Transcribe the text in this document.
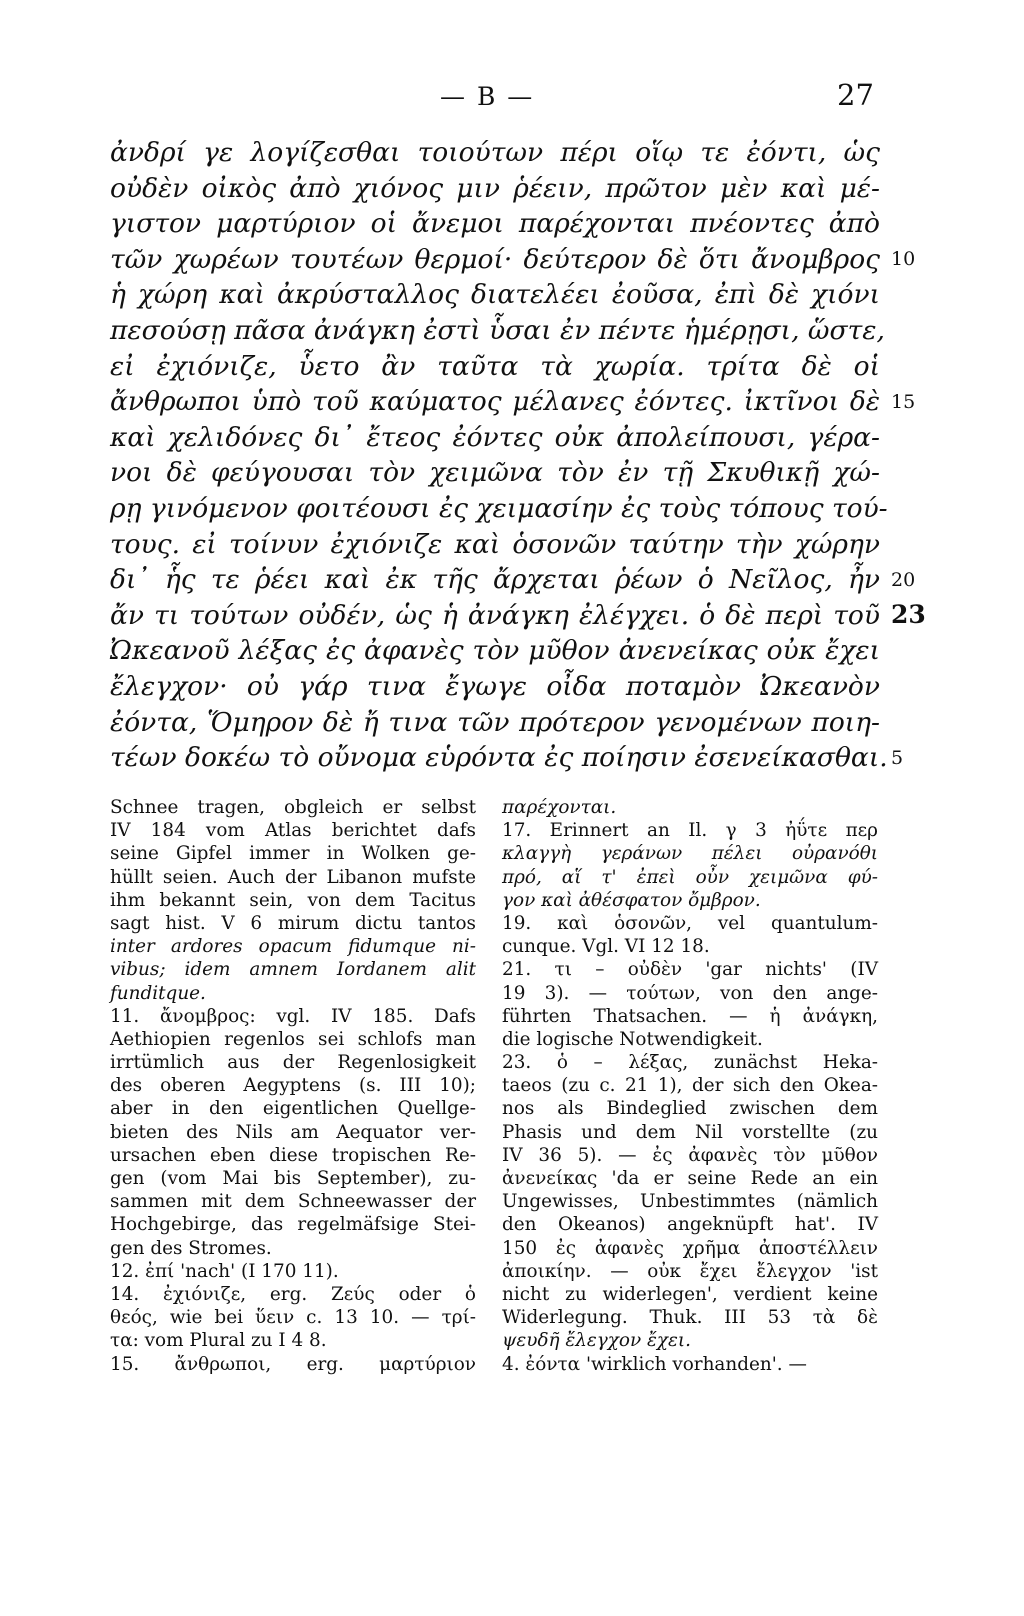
— B —	27
ἀνδρί γε λογίζεσθαι τοιούτων πέρι οἵῳ τε ἐόντι, ὡς
οὐδὲν οἰκὸς ἀπὸ χιόνος μιν ῥέειν, πρῶτον μὲν καὶ μέ-
γιστον μαρτύριον οἱ ἄνεμοι παρέχονται πνέοντες ἀπὸ
τῶν χωρέων τουτέων θερμοί· δεύτερον δὲ ὅτι ἄνομβρος
ἡ χώρη καὶ ἀκρύσταλλος διατελέει ἐοῦσα, ἐπὶ δὲ χιόνι
πεσούσῃ πᾶσα ἀνάγκη ἐστὶ ὗσαι ἐν πέντε ἡμέρῃσι, ὥστε,
εἰ ἐχιόνιζε, ὗετο ἂν ταῦτα τὰ χωρία. τρίτα δὲ οἱ
ἄνθρωποι ὑπὸ τοῦ καύματος μέλανες ἐόντες. ἰκτῖνοι δὲ
καὶ χελιδόνες δι᾽ ἔτεος ἐόντες οὐκ ἀπολείπουσι, γέρα-
νοι δὲ φεύγουσαι τὸν χειμῶνα τὸν ἐν τῇ Σκυθικῇ χώ-
ρῃ γινόμενον φοιτέουσι ἐς χειμασίην ἐς τοὺς τόπους τού-
τους. εἰ τοίνυν ἐχιόνιζε καὶ ὁσονῶν ταύτην τὴν χώρην
δι᾽ ἧς τε ῥέει καὶ ἐκ τῆς ἄρχεται ῥέων ὁ Νεῖλος, ἦν
ἄν τι τούτων οὐδέν, ὡς ἡ ἀνάγκη ἐλέγχει. ὁ δὲ περὶ τοῦ
Ὠκεανοῦ λέξας ἐς ἀφανὲς τὸν μῦθον ἀνενείκας οὐκ ἔχει
ἔλεγχον· οὐ γάρ τινα ἔγωγε οἶδα ποταμὸν Ὠκεανὸν
ἐόντα, Ὅμηρον δὲ ἤ τινα τῶν πρότερον γενομένων ποιη-
τέων δοκέω τὸ οὔνομα εὑρόντα ἐς ποίησιν ἐσενείκασθαι.
10
15
20
23
5
Schnee tragen, obgleich er selbst
IV 184 vom Atlas berichtet dafs
seine Gipfel immer in Wolken ge-
hüllt seien. Auch der Libanon mufste
ihm bekannt sein, von dem Tacitus
sagt hist. V 6 mirum dictu tantos
inter ardores opacum fidumque ni-
vibus; idem amnem Iordanem alit
funditque.
11. ἄνομβρος: vgl. IV 185. Dafs
Aethiopien regenlos sei schlofs man
irrtümlich aus der Regenlosigkeit
des oberen Aegyptens (s. III 10);
aber in den eigentlichen Quellge-
bieten des Nils am Aequator ver-
ursachen eben diese tropischen Re-
gen (vom Mai bis September), zu-
sammen mit dem Schneewasser der
Hochgebirge, das regelmäfsige Stei-
gen des Stromes.
12. ἐπί 'nach' (I 170 11).
14. ἐχιόνιζε, erg. Ζεύς oder ὁ
θεός, wie bei ὕειν c. 13 10. — τρί-
τα: vom Plural zu I 4 8.
15. ἄνθρωποι, erg. μαρτύριον
παρέχονται.
17. Erinnert an Il. γ 3 ἠΰτε περ
κλαγγὴ γεράνων πέλει οὐρανόθι
πρό, αἵ τ' ἐπεὶ οὖν χειμῶνα φύ-
γον καὶ ἀθέσφατον ὄμβρον.
19. καὶ ὁσονῶν, vel quantulum-
cunque. Vgl. VI 12 18.
21. τι – οὐδὲν 'gar nichts' (IV
19 3). — τούτων, von den ange-
führten Thatsachen. — ἡ ἀνάγκη,
die logische Notwendigkeit.
23. ὁ – λέξας, zunächst Heka-
taeos (zu c. 21 1), der sich den Okea-
nos als Bindeglied zwischen dem
Phasis und dem Nil vorstellte (zu
IV 36 5). — ἐς ἀφανὲς τὸν μῦθον
ἀνενείκας 'da er seine Rede an ein
Ungewisses, Unbestimmtes (nämlich
den Okeanos) angeknüpft hat'. IV
150 ἐς ἀφανὲς χρῆμα ἀποστέλλειν
ἀποικίην. — οὐκ ἔχει ἔλεγχον 'ist
nicht zu widerlegen', verdient keine
Widerlegung. Thuk. III 53 τὰ δὲ
ψευδῆ ἔλεγχον ἔχει.
4. ἐόντα 'wirklich vorhanden'. —
